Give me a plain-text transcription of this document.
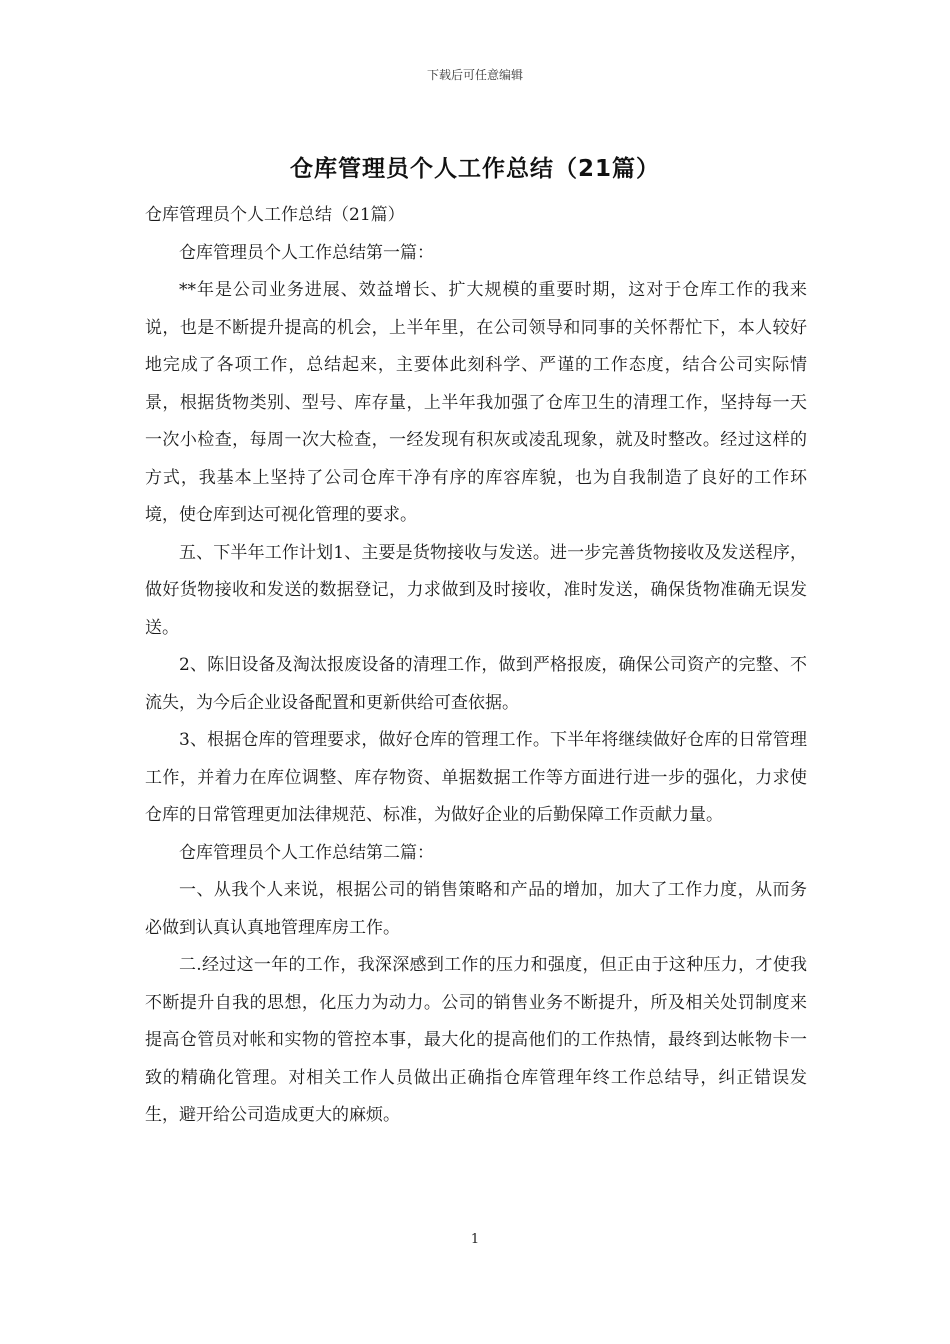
下载后可任意编辑
仓库管理员个人工作总结（21篇）

仓库管理员个人工作总结（21篇）

仓库管理员个人工作总结第一篇：

**年是公司业务进展、效益增长、扩大规模的重要时期，这对于仓库工作的我来说，也是不断提升提高的机会，上半年里，在公司领导和同事的关怀帮忙下，本人较好地完成了各项工作，总结起来，主要体此刻科学、严谨的工作态度，结合公司实际情景，根据货物类别、型号、库存量，上半年我加强了仓库卫生的清理工作，坚持每一天一次小检查，每周一次大检查，一经发现有积灰或凌乱现象，就及时整改。经过这样的方式，我基本上坚持了公司仓库干净有序的库容库貌，也为自我制造了良好的工作环境，使仓库到达可视化管理的要求。

五、下半年工作计划1、主要是货物接收与发送。进一步完善货物接收及发送程序，做好货物接收和发送的数据登记，力求做到及时接收，准时发送，确保货物准确无误发送。

2、陈旧设备及淘汰报废设备的清理工作，做到严格报废，确保公司资产的完整、不流失，为今后企业设备配置和更新供给可查依据。

3、根据仓库的管理要求，做好仓库的管理工作。下半年将继续做好仓库的日常管理工作，并着力在库位调整、库存物资、单据数据工作等方面进行进一步的强化，力求使仓库的日常管理更加法律规范、标准，为做好企业的后勤保障工作贡献力量。

仓库管理员个人工作总结第二篇：

一、从我个人来说，根据公司的销售策略和产品的增加，加大了工作力度，从而务必做到认真认真地管理库房工作。

二.经过这一年的工作，我深深感到工作的压力和强度，但正由于这种压力，才使我不断提升自我的思想，化压力为动力。公司的销售业务不断提升，所及相关处罚制度来提高仓管员对帐和实物的管控本事，最大化的提高他们的工作热情，最终到达帐物卡一致的精确化管理。对相关工作人员做出正确指仓库管理年终工作总结导，纠正错误发生，避开给公司造成更大的麻烦。

1
